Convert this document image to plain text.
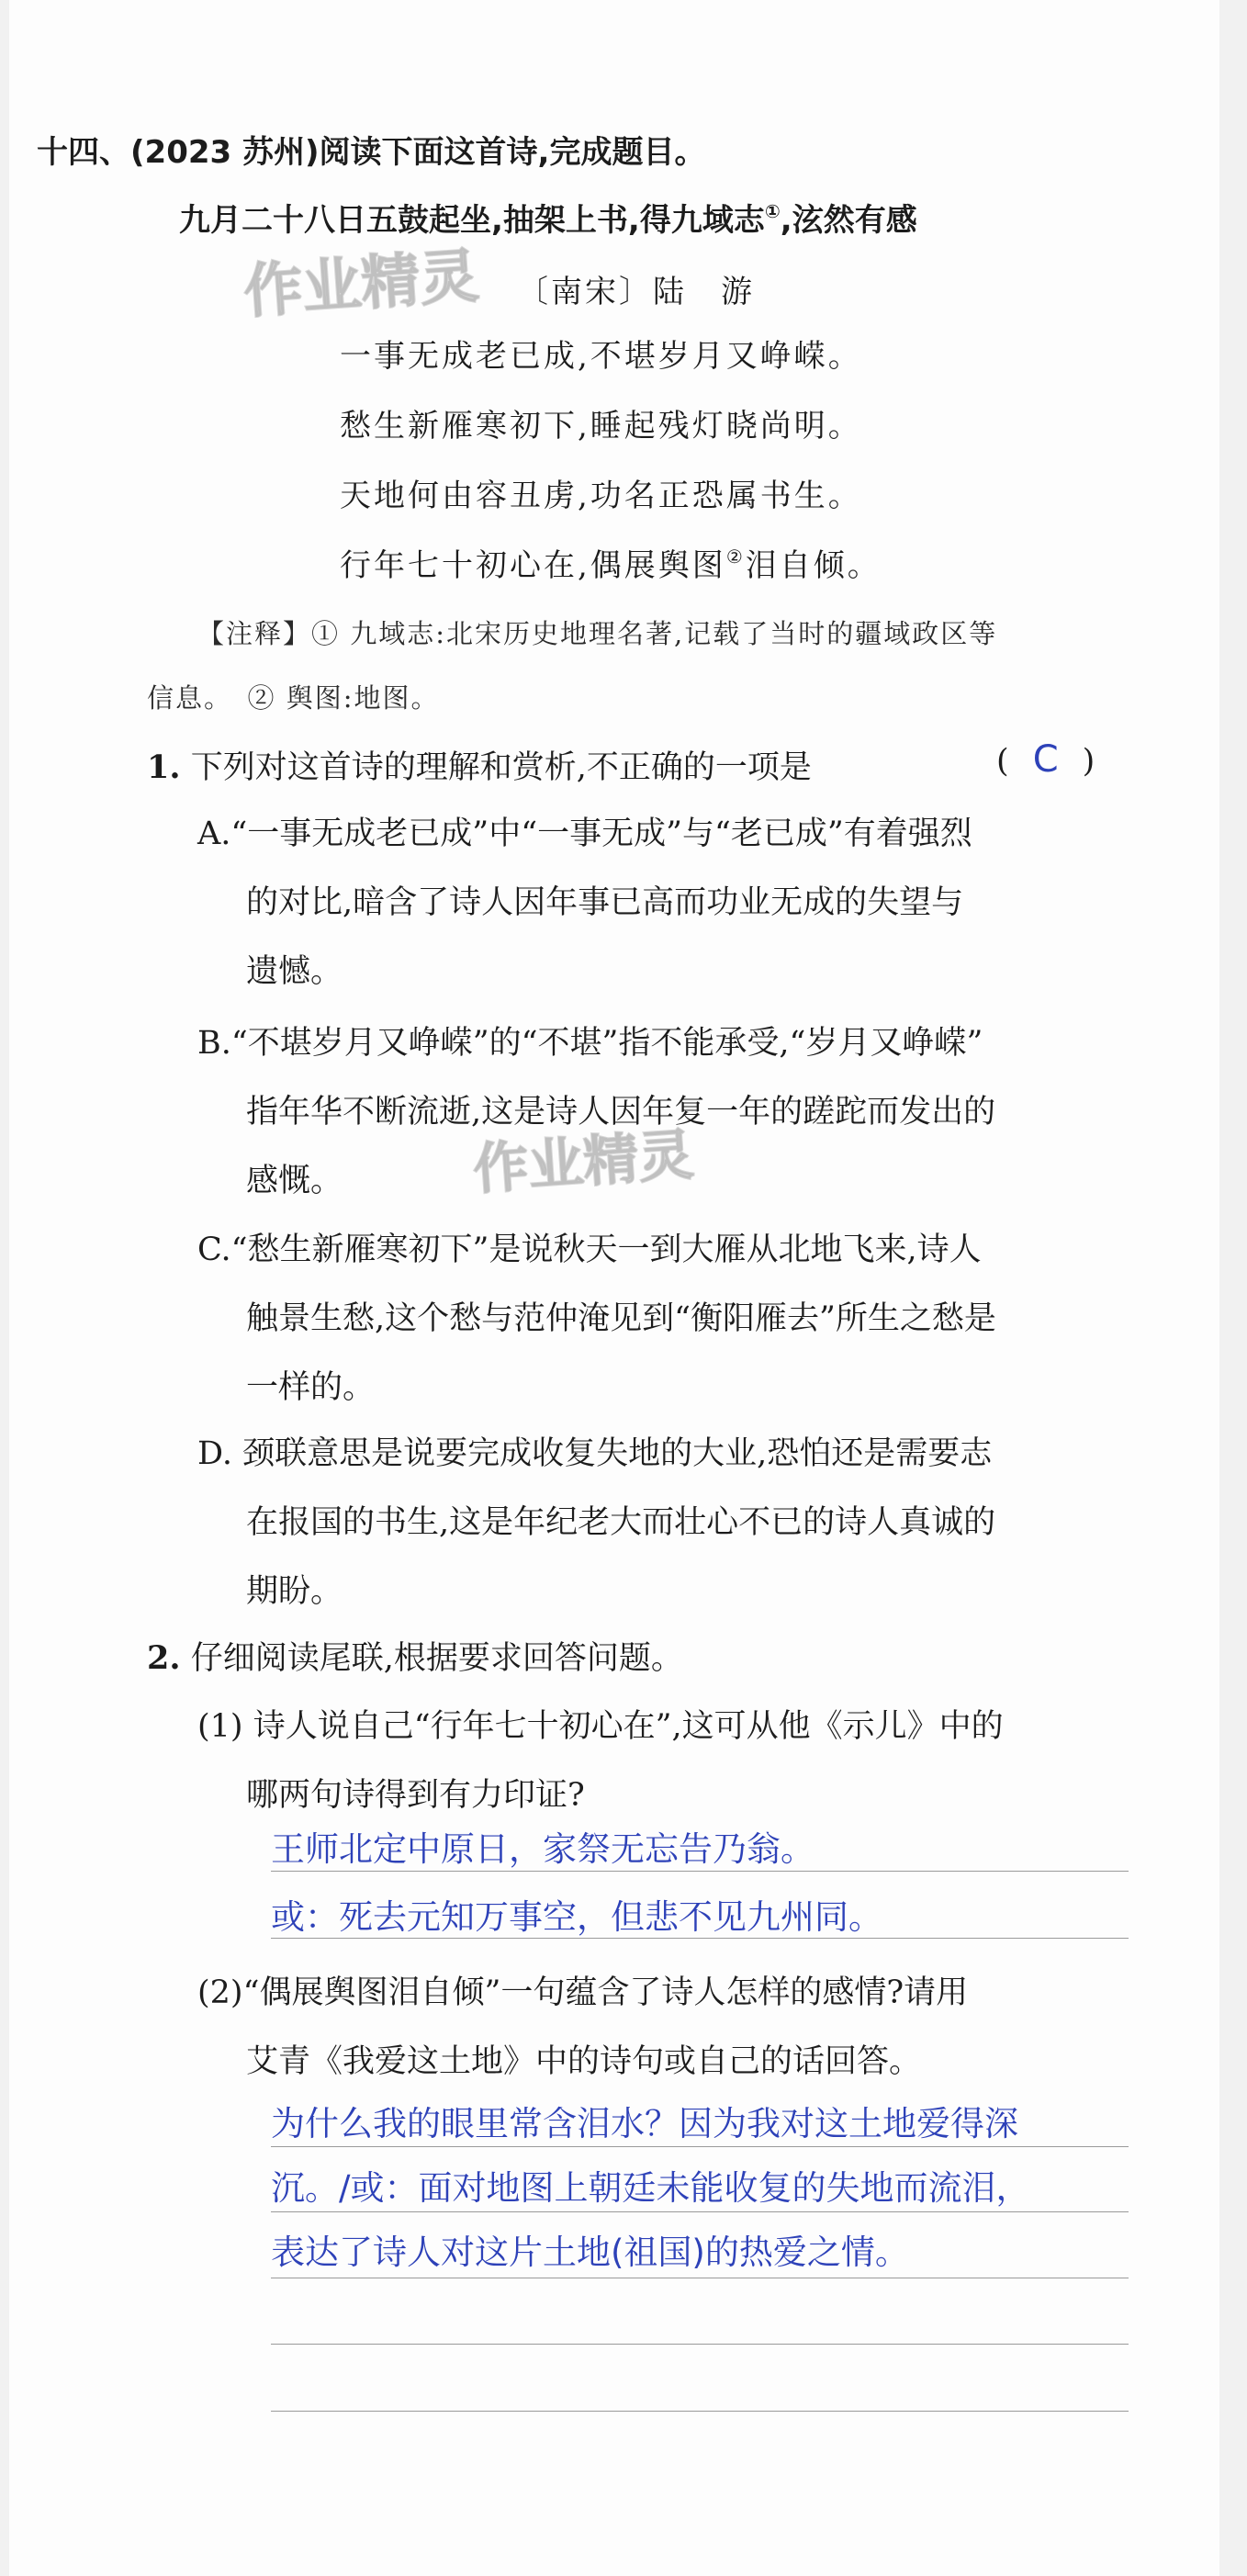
十四、(2023 苏州)阅读下面这首诗,完成题目。
九月二十八日五鼓起坐,抽架上书,得九域志①,泫然有感
作业精灵 〔南宋〕陆　游
一事无成老已成,不堪岁月又峥嵘。
愁生新雁寒初下,睡起残灯晓尚明。
天地何由容丑虏,功名正恐属书生。
行年七十初心在,偶展舆图②泪自倾。
【注释】① 九域志:北宋历史地理名著,记载了当时的疆域政区等
信息。　② 舆图:地图。
1. 下列对这首诗的理解和赏析,不正确的一项是	( C )
A.“一事无成老已成”中“一事无成”与“老已成”有着强烈
的对比,暗含了诗人因年事已高而功业无成的失望与
遗憾。
B.“不堪岁月又峥嵘”的“不堪”指不能承受,“岁月又峥嵘”
指年华不断流逝,这是诗人因年复一年的蹉跎而发出的
感慨。 作业精灵
C.“愁生新雁寒初下”是说秋天一到大雁从北地飞来,诗人
触景生愁,这个愁与范仲淹见到“衡阳雁去”所生之愁是
一样的。
D. 颈联意思是说要完成收复失地的大业,恐怕还是需要志
在报国的书生,这是年纪老大而壮心不已的诗人真诚的
期盼。
2. 仔细阅读尾联,根据要求回答问题。
(1) 诗人说自己“行年七十初心在”,这可从他《示儿》中的
哪两句诗得到有力印证?
王师北定中原日，家祭无忘告乃翁。
或：死去元知万事空，但悲不见九州同。
(2)“偶展舆图泪自倾”一句蕴含了诗人怎样的感情?请用
艾青《我爱这土地》中的诗句或自己的话回答。
为什么我的眼里常含泪水？因为我对这土地爱得深
沉。/或：面对地图上朝廷未能收复的失地而流泪，
表达了诗人对这片土地(祖国)的热爱之情。
